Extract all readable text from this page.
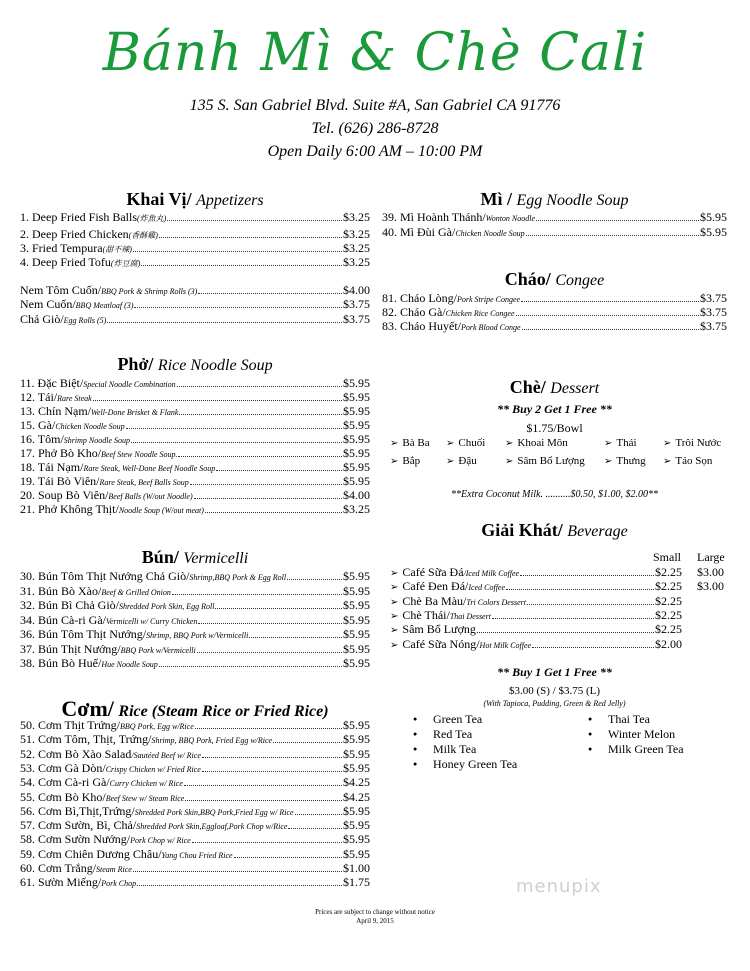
Bánh Mì & Chè Cali
135 S. San Gabriel Blvd. Suite #A, San Gabriel CA 91776
Tel. (626) 286-8728
Open Daily 6:00 AM – 10:00 PM
Khai Vị/ Appetizers
1. Deep Fried Fish Balls (炸魚丸)	$3.25
2. Deep Fried Chicken (香酥雞)	$3.25
3. Fried Tempura (甜不辣)	$3.25
4. Deep Fried Tofu (炸豆腐)	$3.25
Nem Tôm Cuốn/ BBQ Pork & Shrimp Rolls (3)	$4.00
Nem Cuốn/ BBQ Meatloaf (3)	$3.75
Chả Giò/ Egg Rolls (5)	$3.75
Phở/ Rice Noodle Soup
11. Đặc Biệt/ Special Noodle Combination	$5.95
12. Tái/ Rare Steak	$5.95
13. Chín Nạm/ Well-Done Brisket & Flank	$5.95
15. Gà/ Chicken Noodle Soup	$5.95
16. Tôm/ Shrimp Noodle Soup	$5.95
17. Phở Bò Kho/ Beef Stew Noodle Soup.	$5.95
18. Tái Nạm/ Rare Steak, Well-Done Beef Noodle Soup	$5.95
19. Tái Bò Viên/ Rare Steak, Beef Balls Soup	$5.95
20. Soup Bò Viên/ Beef Balls (W/out Noodle)	$4.00
21. Phở Không Thịt/ Noodle Soup (W/out meat)	$3.25
Bún/ Vermicelli
30. Bún Tôm Thịt Nướng Chả Giò/ Shrimp,BBQ Pork & Egg Roll	$5.95
31. Bún Bò Xào/ Beef & Grilled Onion	$5.95
32. Bún Bì Chả Giò/ Shredded Pork Skin, Egg Roll	$5.95
34. Bún Cà-ri Gà/ Vermicelli w/ Curry Chicken	$5.95
36. Bún Tôm Thịt Nướng/ Shrimp, BBQ Pork w/Vermicelli	$5.95
37. Bún Thịt Nướng/ BBQ Pork w/Vermicelli	$5.95
38. Bún Bò Huế/ Hue Noodle Soup	$5.95
Cơm/ Rice (Steam Rice or Fried Rice)
50. Cơm Thịt Trứng/ BBQ Pork, Egg w/Rice	$5.95
51. Cơm Tôm, Thịt, Trứng/ Shrimp, BBQ Pork, Fried Egg w/Rice	$5.95
52. Cơm Bò Xào Salad /Sautéed Beef w/ Rice	$5.95
53. Cơm Gà Dòn/ Crispy Chicken w/ Fried Rice	$5.95
54. Cơm Cà-ri Gà/ Curry Chicken w/ Rice	$4.25
55. Cơm Bò Kho/ Beef Stew w/ Steam Rice	$4.25
56. Cơm Bì,Thịt,Trứng/ Shredded Pork Skin,BBQ Pork,Fried Egg w/ Rice	$5.95
57. Cơm Sườn, Bì, Chả/ Shredded Pork Skin,Eggloaf,Pork Chop w/Rice	$5.95
58. Cơm Sườn Nướng/ Pork Chop w/ Rice	$5.95
59. Cơm Chiên Dương Châu/ Yang Chou Fried Rice	$5.95
60. Cơm Trắng/ Steam Rice	$1.00
61. Sườn Miếng/ Pork Chop	$1.75
Mì / Egg Noodle Soup
39. Mì Hoành Thánh/ Wonton Noodle	$5.95
40. Mì Đùi Gà/ Chicken Noodle Soup	$5.95
Cháo/ Congee
81. Cháo Lòng/ Pork Stripe Congee	$3.75
82. Cháo Gà/ Chicken Rice Congee	$3.75
83. Cháo Huyết/ Pork Blood Conge	$3.75
Chè/ Dessert
** Buy 2 Get 1 Free **
$1.75/Bowl
➢ Bà Ba ➢ Chuối ➢ Khoai Môn	➢ Thái	➢ Trôi Nước
➢ Bắp	➢ Đậu	➢ Sâm Bổ Lượng ➢ Thưng ➢ Táo Sọn
**Extra Coconut Milk. ..........$0.50, $1.00, $2.00**
Giải Khát/ Beverage
Small Large
➢ Café Sữa Đá /Iced Milk Coffee	$2.25 $3.00
➢ Café Đen Đá/ Iced Coffee	$2.25 $3.00
➢ Chè Ba Màu/ Tri Colors Dessert	$2.25
➢ Chè Thái/ Thai Dessert	$2.25
➢ Sâm Bổ Lượng	$2.25
➢ Café Sữa Nóng/ Hot Milk Coffee	$2.00
** Buy 1 Get 1 Free **
$3.00 (S) / $3.75 (L)
(With Tapioca, Pudding, Green & Red Jelly)
● Green Tea
● Red Tea
● Milk Tea
● Honey Green Tea
● Thai Tea
● Winter Melon
● Milk Green Tea
menupix
Prices are subject to change without notice
April 9, 2015
